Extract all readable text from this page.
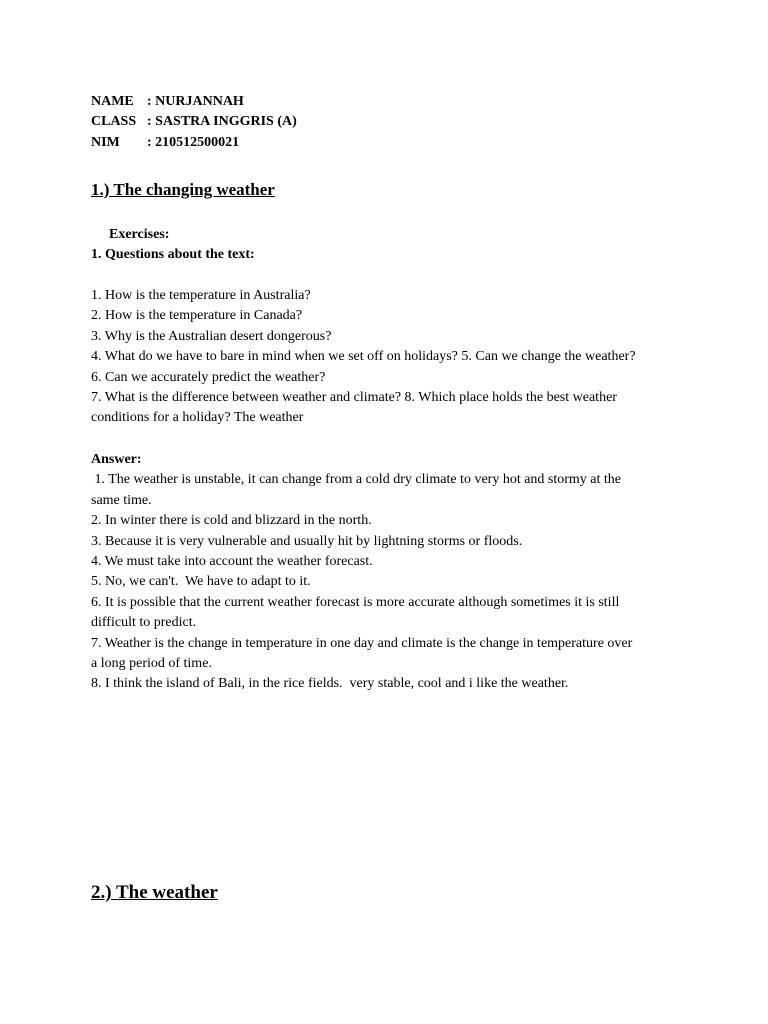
NAME : NURJANNAH
CLASS : SASTRA INGGRIS (A)
NIM : 210512500021
1.) The changing weather
Exercises:
1. Questions about the text:
1. How is the temperature in Australia?
2. How is the temperature in Canada?
3. Why is the Australian desert dongerous?
4. What do we have to bare in mind when we set off on holidays? 5. Can we change the weather?
6. Can we accurately predict the weather?
7. What is the difference between weather and climate? 8. Which place holds the best weather
conditions for a holiday? The weather
Answer:
1. The weather is unstable, it can change from a cold dry climate to very hot and stormy at the
same time.
2. In winter there is cold and blizzard in the north.
3. Because it is very vulnerable and usually hit by lightning storms or floods.
4. We must take into account the weather forecast.
5. No, we can't.  We have to adapt to it.
6. It is possible that the current weather forecast is more accurate although sometimes it is still
difficult to predict.
7. Weather is the change in temperature in one day and climate is the change in temperature over
a long period of time.
8. I think the island of Bali, in the rice fields.  very stable, cool and i like the weather.
2.) The weather
